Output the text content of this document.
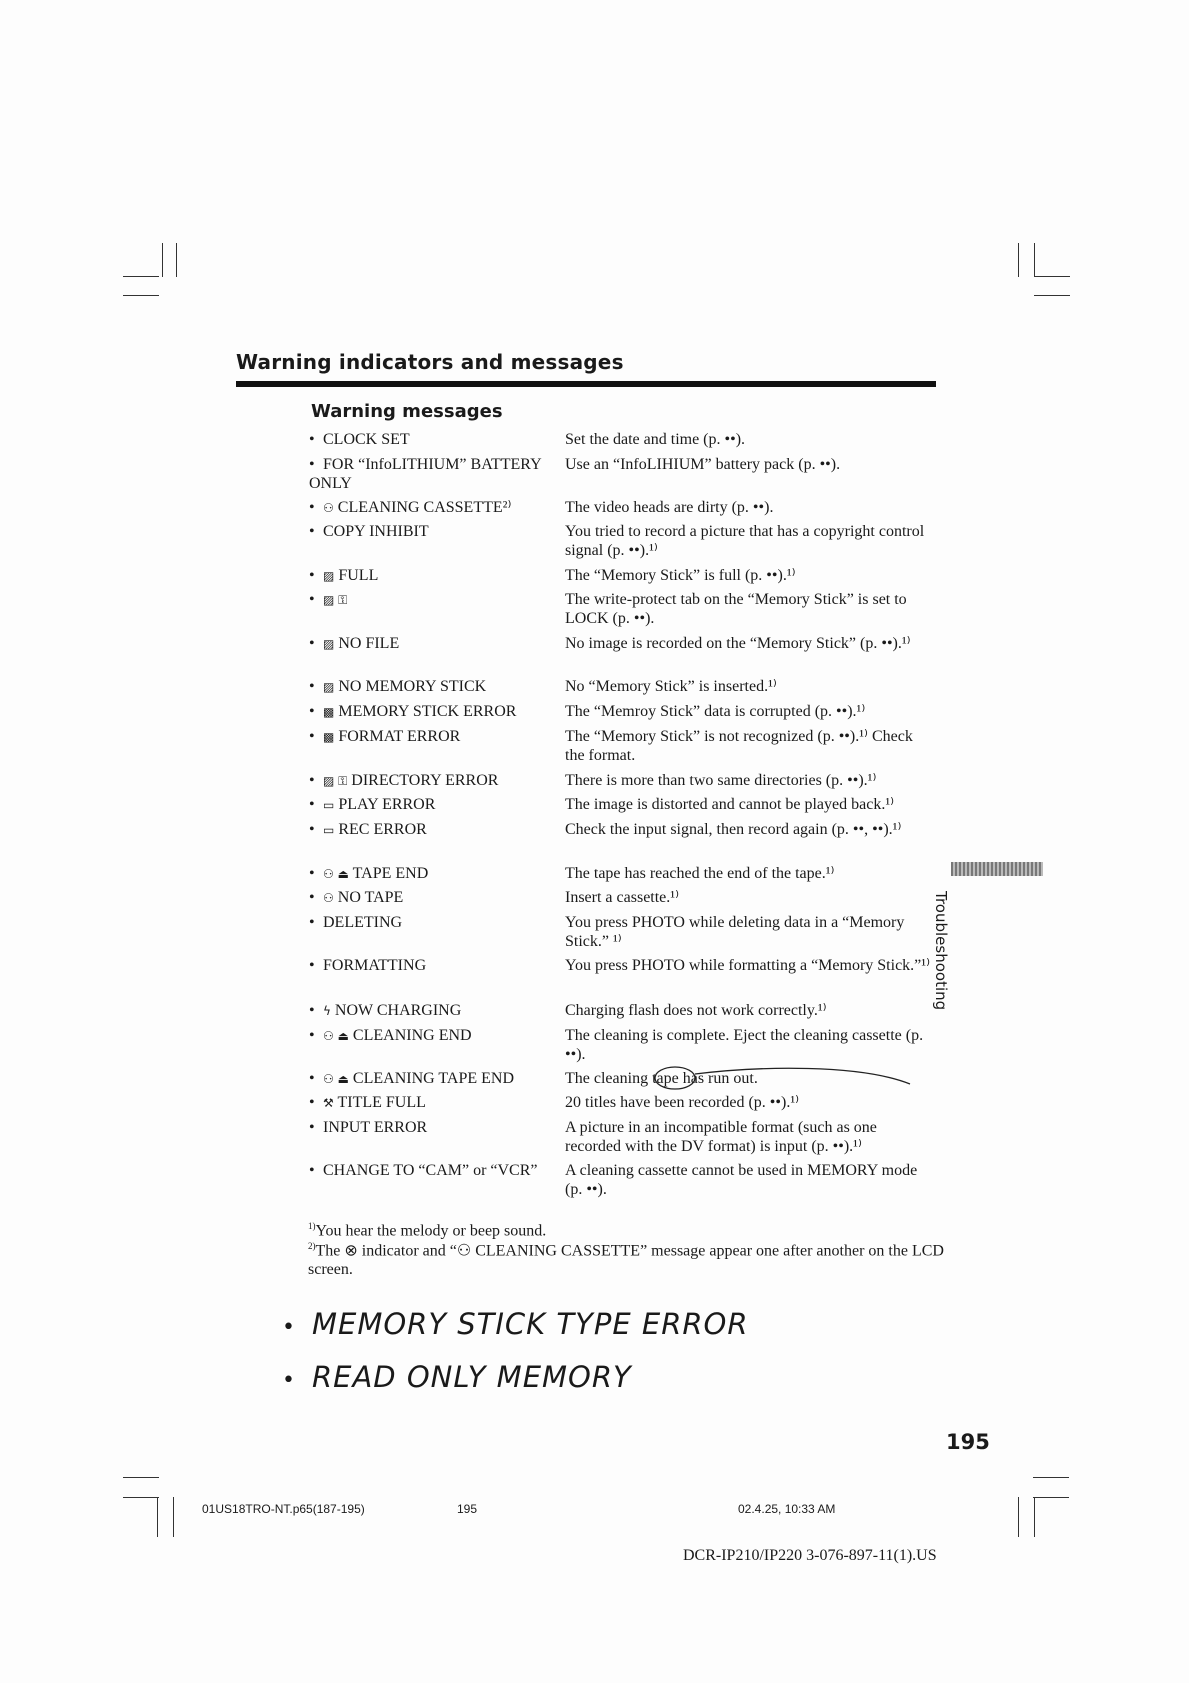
Warning indicators and messages
Warning messages
• CLOCK SET
• FOR “InfoLITHIUM” BATTERY ONLY
• ⚇ CLEANING CASSETTE²⁾
• COPY INHIBIT
• ▨ FULL
• ▨ ⚿
• ▨ NO FILE
• ▨ NO MEMORY STICK
• ▩ MEMORY STICK ERROR
• ▩ FORMAT ERROR
• ▨ ⚿ DIRECTORY ERROR
• ▭ PLAY ERROR
• ▭ REC ERROR
• ⚇ ⏏ TAPE END
• ⚇ NO TAPE
• DELETING
• FORMATTING
• ϟ NOW CHARGING
• ⚇ ⏏ CLEANING END
• ⚇ ⏏ CLEANING TAPE END
• ⚒ TITLE FULL
• INPUT ERROR
• CHANGE TO “CAM” or “VCR”
Set the date and time (p. ••).
Use an “InfoLIHIUM” battery pack (p. ••).
The video heads are dirty (p. ••).
You tried to record a picture that has a copyright control signal (p. ••).¹⁾
The “Memory Stick” is full (p. ••).¹⁾
The write-protect tab on the “Memory Stick” is set to LOCK (p. ••).
No image is recorded on the “Memory Stick” (p. ••).¹⁾
No “Memory Stick” is inserted.¹⁾
The “Memroy Stick” data is corrupted (p. ••).¹⁾
The “Memory Stick” is not recognized (p. ••).¹⁾ Check the format.
There is more than two same directories (p. ••).¹⁾
The image is distorted and cannot be played back.¹⁾
Check the input signal, then record again (p. ••, ••).¹⁾
The tape has reached the end of the tape.¹⁾
Insert a cassette.¹⁾
You press PHOTO while deleting data in a “Memory Stick.” ¹⁾
You press PHOTO while formatting a “Memory Stick.”¹⁾
Charging flash does not work correctly.¹⁾
The cleaning is complete. Eject the cleaning cassette (p. ••).
The cleaning tape has run out.
20 titles have been recorded (p. ••).¹⁾
A picture in an incompatible format (such as one recorded with the DV format) is input (p. ••).¹⁾
A cleaning cassette cannot be used in MEMORY mode (p. ••).
$^{1)}$You hear the melody or beep sound.
$^{2)}$The ⊗ indicator and “⚇ CLEANING CASSETTE” message appear one after another on the LCD screen.
• MEMORY STICK TYPE ERROR
• READ ONLY MEMORY
Troubleshooting
195
01US18TRO-NT.p65(187-195)	195	02.4.25, 10:33 AM
DCR-IP210/IP220 3-076-897-11(1).US
